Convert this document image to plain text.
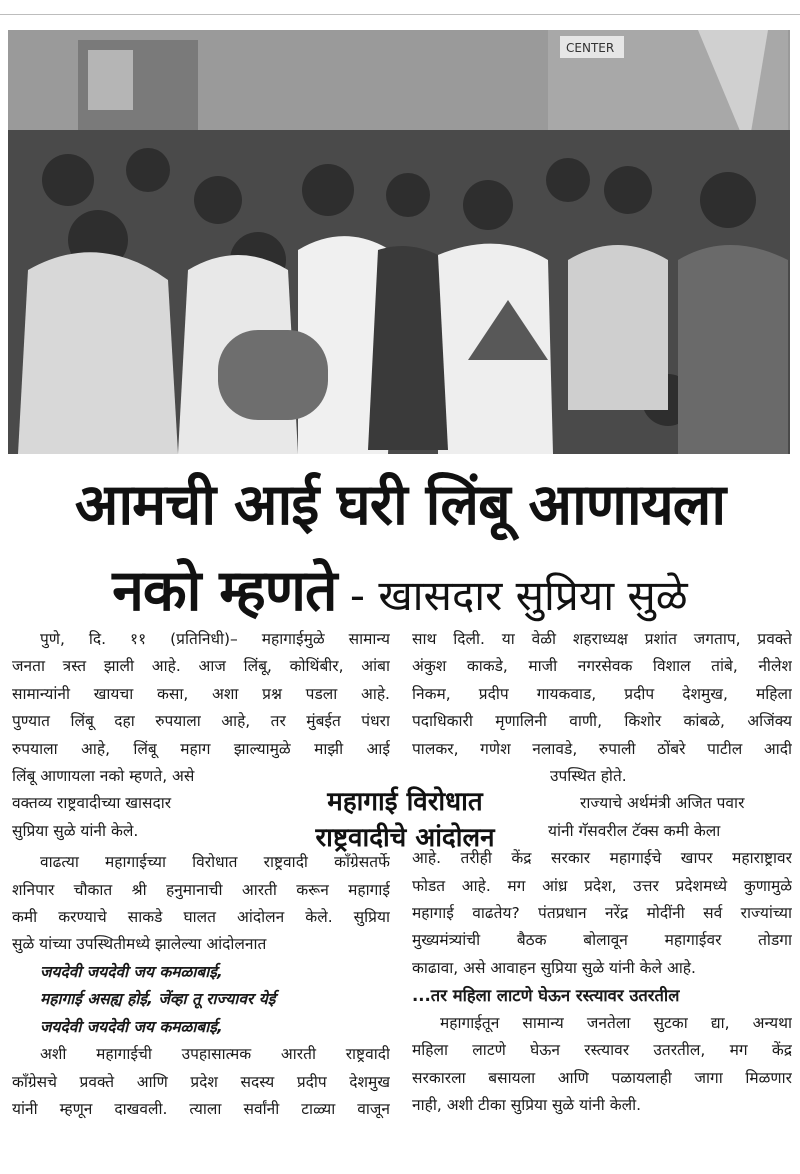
CENTER
आमची आई घरी लिंबू आणायला
नको म्हणते - खासदार सुप्रिया सुळे
महागाई विरोधात
राष्ट्रवादीचे आंदोलन
पुणे, दि. ११ (प्रतिनिधी)– महागाईमुळे सामान्य
जनता त्रस्त झाली आहे. आज लिंबू, कोथिंबीर, आंबा
सामान्यांनी खायचा कसा, अशा प्रश्न पडला आहे.
पुण्यात लिंबू दहा रुपयाला आहे, तर मुंबईत पंधरा
रुपयाला आहे, लिंबू महाग झाल्यामुळे माझी आई
लिंबू आणायला नको म्हणते, असे
वक्तव्य राष्ट्रवादीच्या खासदार
सुप्रिया सुळे यांनी केले.
वाढत्या महागाईच्या विरोधात राष्ट्रवादी काँग्रेसतर्फे
शनिपार चौकात श्री हनुमानाची आरती करून महागाई
कमी करण्याचे साकडे घालत आंदोलन केले. सुप्रिया
सुळे यांच्या उपस्थितीमध्ये झालेल्या आंदोलनात
जयदेवी जयदेवी जय कमळाबाई,
महागाई असह्य होई, जेंव्हा तू राज्यावर येई
जयदेवी जयदेवी जय कमळाबाई,
अशी महागाईची उपहासात्मक आरती राष्ट्रवादी
काँग्रेसचे प्रवक्ते आणि प्रदेश सदस्य प्रदीप देशमुख
यांनी म्हणून दाखवली. त्याला सर्वांनी टाळ्या वाजून
साथ दिली. या वेळी शहराध्यक्ष प्रशांत जगताप, प्रवक्ते
अंकुश काकडे, माजी नगरसेवक विशाल तांबे, नीलेश
निकम, प्रदीप गायकवाड, प्रदीप देशमुख, महिला
पदाधिकारी मृणालिनी वाणी, किशोर कांबळे, अजिंक्य
पालकर, गणेश नलावडे, रुपाली ठोंबरे पाटील आदी
उपस्थित होते.
राज्याचे अर्थमंत्री अजित पवार
यांनी गॅसवरील टॅक्स कमी केला
आहे. तरीही केंद्र सरकार महागाईचे खापर महाराष्ट्रावर
फोडत आहे. मग आंध्र प्रदेश, उत्तर प्रदेशमध्ये कुणामुळे
महागाई वाढतेय? पंतप्रधान नरेंद्र मोदींनी सर्व राज्यांच्या
मुख्यमंत्र्यांची बैठक बोलावून महागाईवर तोडगा
काढावा, असे आवाहन सुप्रिया सुळे यांनी केले आहे.
...तर महिला लाटणे घेऊन रस्त्यावर उतरतील
महागाईतून सामान्य जनतेला सुटका द्या, अन्यथा
महिला लाटणे घेऊन रस्त्यावर उतरतील, मग केंद्र
सरकारला बसायला आणि पळायलाही जागा मिळणार
नाही, अशी टीका सुप्रिया सुळे यांनी केली.
